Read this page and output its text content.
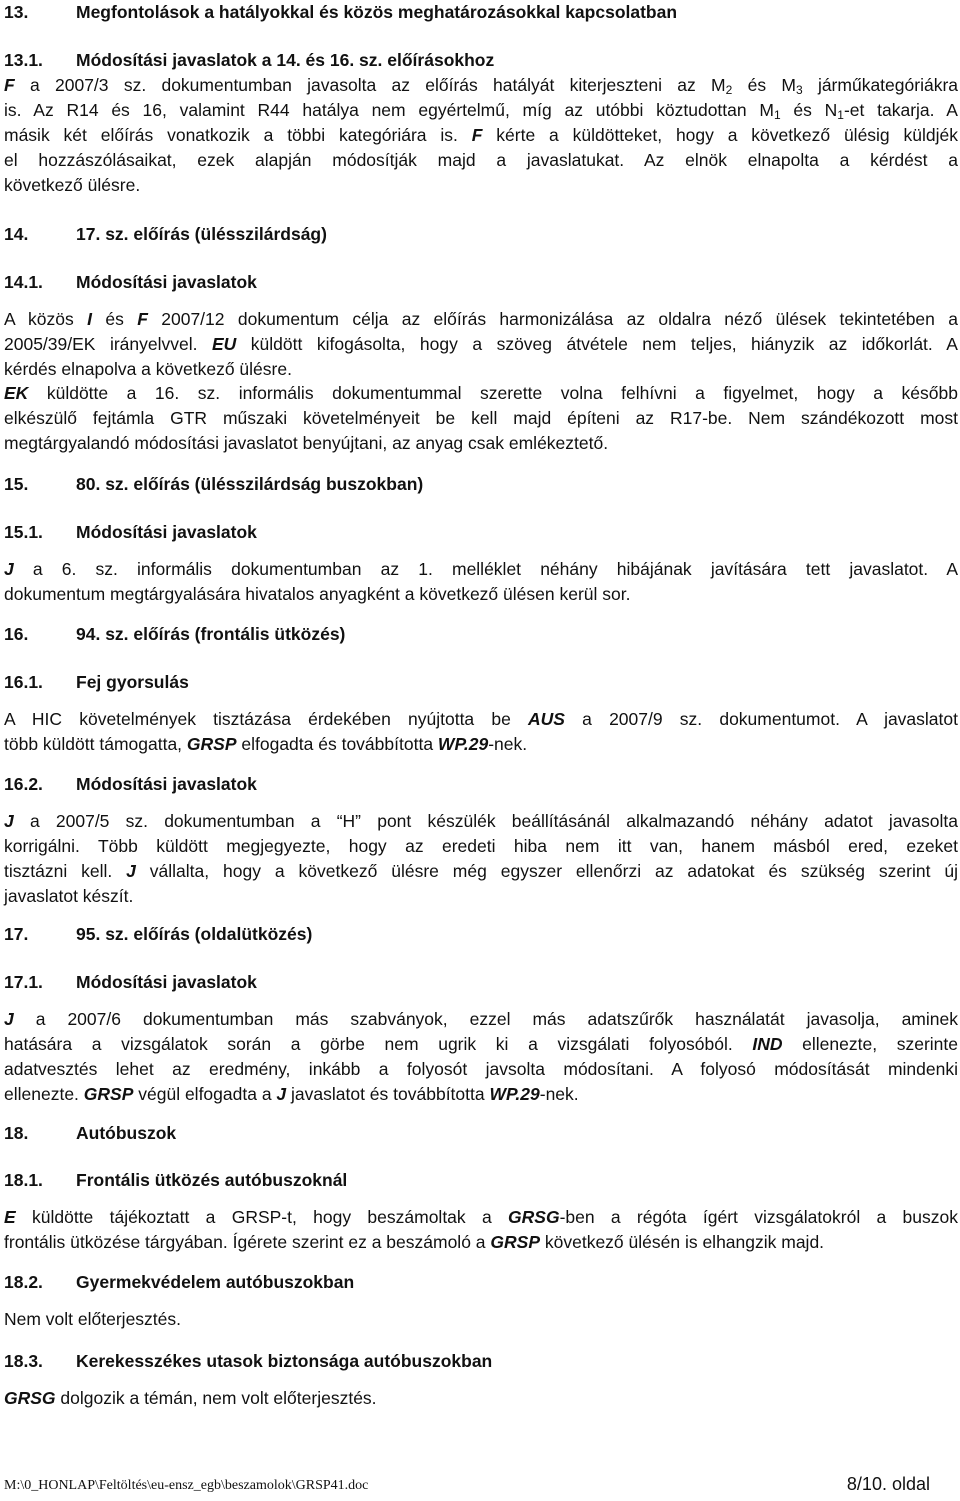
13.	Megfontolások a hatályokkal és közös meghatározásokkal kapcsolatban
13.1. Módosítási javaslatok a 14. és 16. sz. előírásokhoz
F a 2007/3 sz. dokumentumban javasolta az előírás hatályát kiterjeszteni az M2 és M3 járműkategóriákra
is. Az R14 és 16, valamint R44 hatálya nem egyértelmű, míg az utóbbi köztudottan M1 és N1-et takarja. A
másik két előírás vonatkozik a többi kategóriára is. F kérte a küldötteket, hogy a következő ülésig küldjék
el hozzászólásaikat, ezek alapján módosítják majd a javaslatukat. Az elnök elnapolta a kérdést a
következő ülésre.
14.	17. sz. előírás (ülésszilárdság)
14.1. Módosítási javaslatok
A közös I és F 2007/12 dokumentum célja az előírás harmonizálása az oldalra néző ülések tekintetében a
2005/39/EK irányelvvel. EU küldött kifogásolta, hogy a szöveg átvétele nem teljes, hiányzik az időkorlát. A
kérdés elnapolva a következő ülésre.
EK küldötte a 16. sz. informális dokumentummal szerette volna felhívni a figyelmet, hogy a később
elkészülő fejtámla GTR műszaki követelményeit be kell majd építeni az R17-be. Nem szándékozott most
megtárgyalandó módosítási javaslatot benyújtani, az anyag csak emlékeztető.
15.	80. sz. előírás (ülésszilárdság buszokban)
15.1. Módosítási javaslatok
J a 6. sz. informális dokumentumban az 1. melléklet néhány hibájának javítására tett javaslatot. A
dokumentum megtárgyalására hivatalos anyagként a következő ülésen kerül sor.
16.	94. sz. előírás (frontális ütközés)
16.1. Fej gyorsulás
A HIC követelmények tisztázása érdekében nyújtotta be AUS a 2007/9 sz. dokumentumot. A javaslatot
több küldött támogatta, GRSP elfogadta és továbbította WP.29-nek.
16.2. Módosítási javaslatok
J a 2007/5 sz. dokumentumban a “H” pont készülék beállításánál alkalmazandó néhány adatot javasolta
korrigálni. Több küldött megjegyezte, hogy az eredeti hiba nem itt van, hanem másból ered, ezeket
tisztázni kell. J vállalta, hogy a következő ülésre még egyszer ellenőrzi az adatokat és szükség szerint új
javaslatot készít.
17.	95. sz. előírás (oldalütközés)
17.1. Módosítási javaslatok
J a 2007/6 dokumentumban más szabványok, ezzel más adatszűrők használatát javasolja, aminek
hatására a vizsgálatok során a görbe nem ugrik ki a vizsgálati folyosóból. IND ellenezte, szerinte
adatvesztés lehet az eredmény, inkább a folyosót javsolta módosítani. A folyosó módosítását mindenki
ellenezte. GRSP végül elfogadta a J javaslatot és továbbította WP.29-nek.
18.	Autóbuszok
18.1. Frontális ütközés autóbuszoknál
E küldötte tájékoztatt a GRSP-t, hogy beszámoltak a GRSG-ben a régóta ígért vizsgálatokról a buszok
frontális ütközése tárgyában. Ígérete szerint ez a beszámoló a GRSP következő ülésén is elhangzik majd.
18.2. Gyermekvédelem autóbuszokban
Nem volt előterjesztés.
18.3. Kerekesszékes utasok biztonsága autóbuszokban
GRSG dolgozik a témán, nem volt előterjesztés.
M:\0_HONLAP\Feltöltés\eu-ensz_egb\beszamolok\GRSP41.doc	8/10. oldal
